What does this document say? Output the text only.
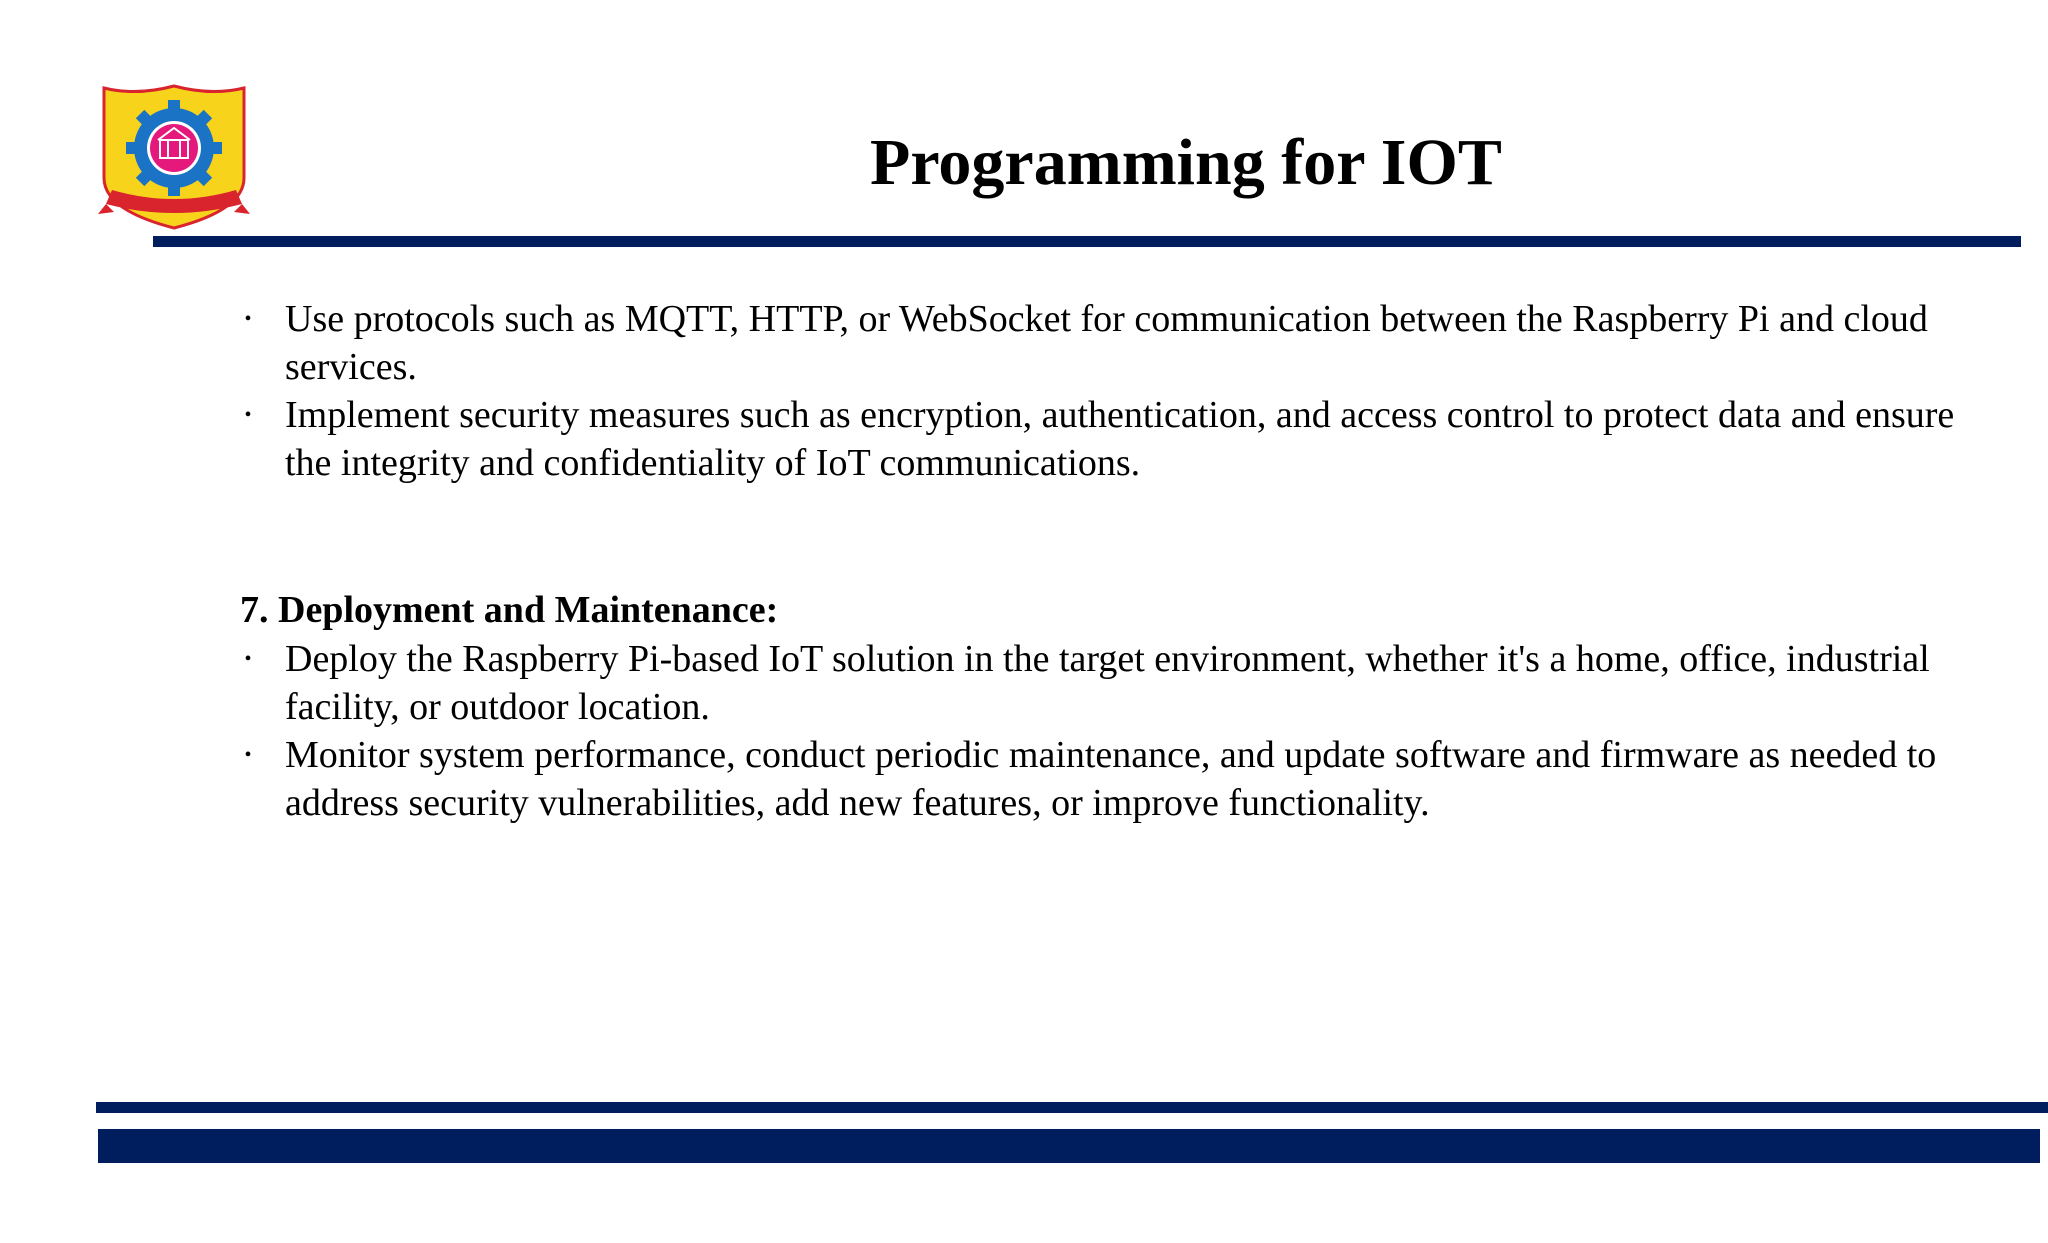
Programming for IOT
• Use protocols such as MQTT, HTTP, or WebSocket for communication between the Raspberry Pi and cloud services.
• Implement security measures such as encryption, authentication, and access control to protect data and ensure the integrity and confidentiality of IoT communications.

7. Deployment and Maintenance:

• Deploy the Raspberry Pi-based IoT solution in the target environment, whether it's a home, office, industrial facility, or outdoor location.
• Monitor system performance, conduct periodic maintenance, and update software and firmware as needed to address security vulnerabilities, add new features, or improve functionality.
